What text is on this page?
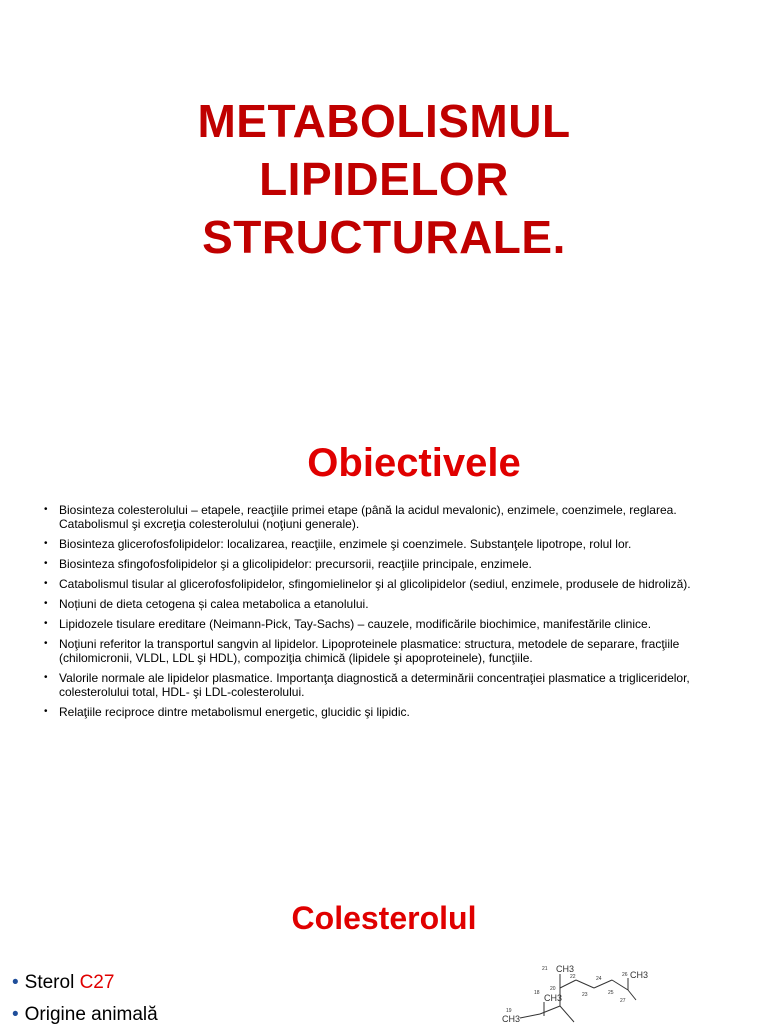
METABOLISMUL
LIPIDELOR
STRUCTURALE.
Obiectivele
• Biosinteza colesterolului – etapele, reacţiile primei etape (până la acidul mevalonic), enzimele, coenzimele, reglarea. Catabolismul şi excreţia colesterolului (noţiuni generale).
• Biosinteza glicerofosfolipidelor: localizarea, reacţiile, enzimele şi coenzimele. Substanţele lipotrope, rolul lor.
• Biosinteza sfingofosfolipidelor şi a glicolipidelor: precursorii, reacţiile principale, enzimele.
• Catabolismul tisular al glicerofosfolipidelor, sfingomielinelor şi al glicolipidelor (sediul, enzimele, produsele de hidroliză).
• Noțiuni de dieta cetogena și calea metabolica a etanolului.
• Lipidozele tisulare ereditare (Neimann-Pick, Tay-Sachs) – cauzele, modificările biochimice, manifestările clinice.
• Noţiuni referitor la transportul sangvin al lipidelor. Lipoproteinele plasmatice: structura, metodele de separare, fracţiile (chilomicronii, VLDL, LDL şi HDL), compoziţia chimică (lipidele şi apoproteinele), funcţiile.
• Valorile normale ale lipidelor plasmatice. Importanţa diagnostică a determinării concentraţiei plasmatice a trigliceridelor, colesterolului total, HDL- şi LDL-colesterolului.
• Relaţiile reciproce dintre metabolismul energetic, glucidic şi lipidic.
Colesterolul
• Sterol C27
• Origine animală
CH3
CH3
CH3
CH3
21
22	24
26
20
23	25
27
18
19
